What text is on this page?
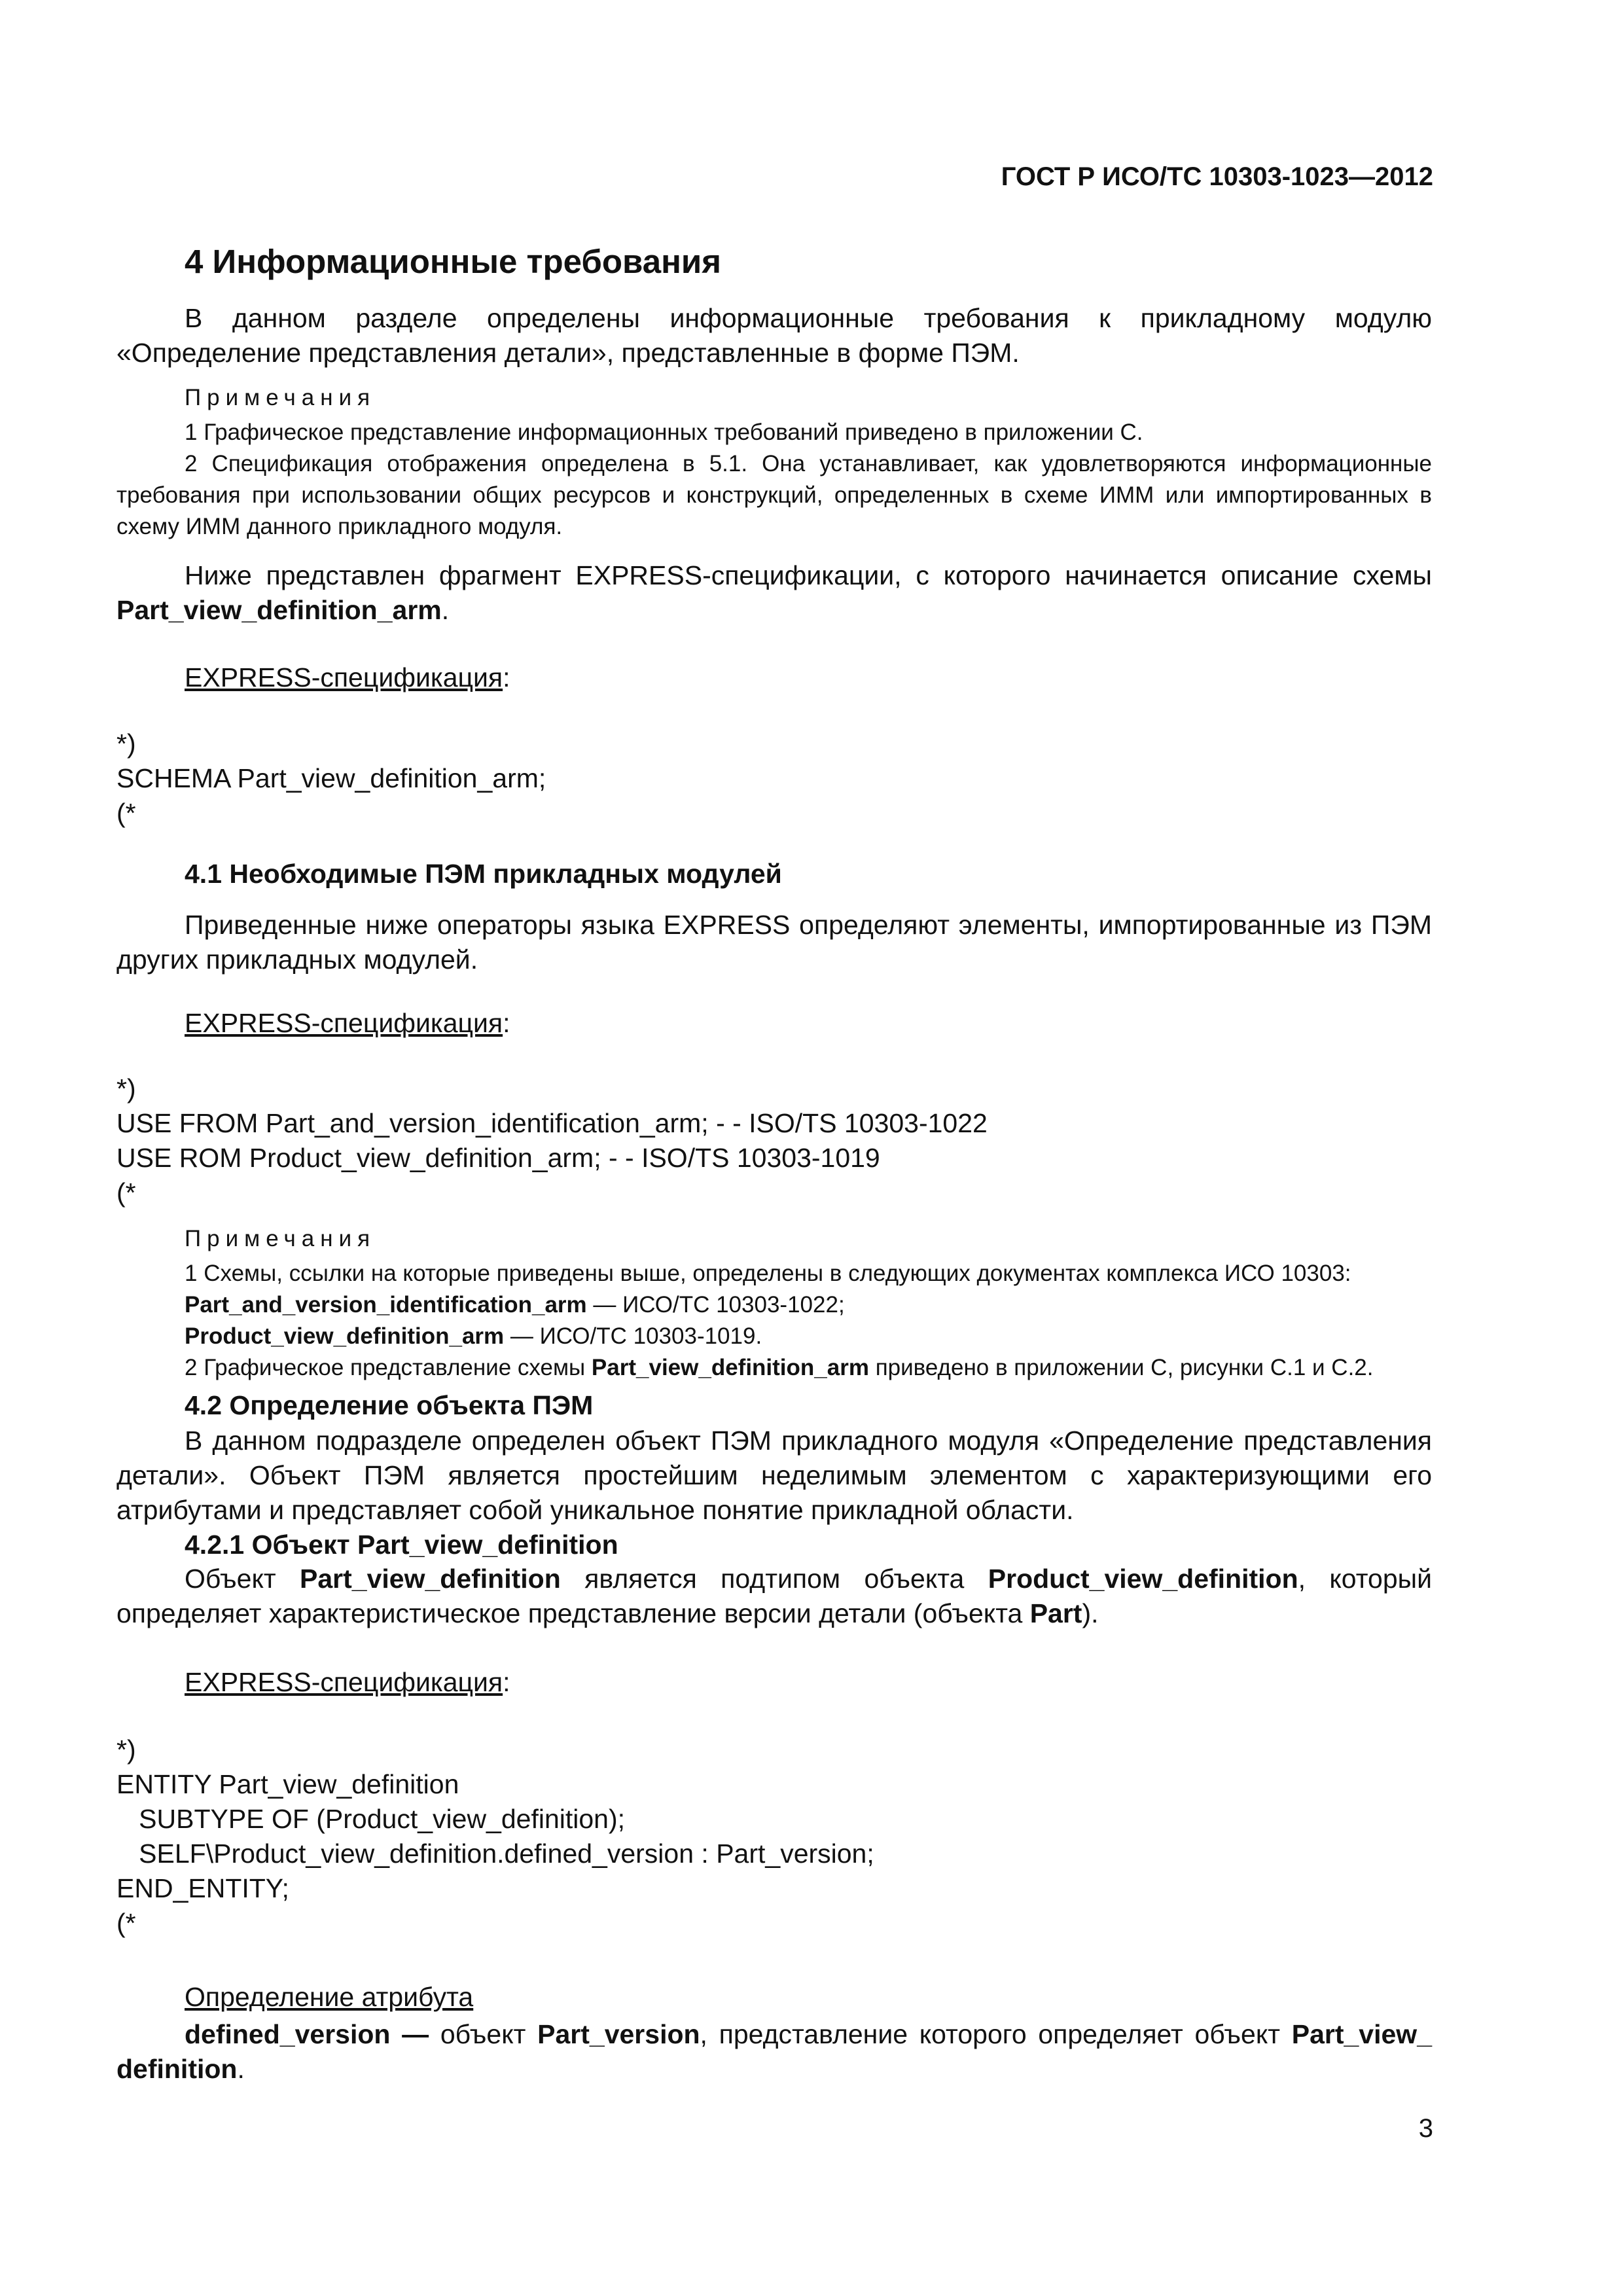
ГОСТ Р ИСО/ТС 10303-1023—2012
4 Информационные требования

В данном разделе определены информационные требования к прикладному модулю «Определение представления детали», представленные в форме ПЭМ.

Примечания

1 Графическое представление информационных требований приведено в приложении С.

2 Спецификация отображения определена в 5.1. Она устанавливает, как удовлетворяются информационные требования при использовании общих ресурсов и конструкций, определенных в схеме ИММ или импортированных в схему ИММ данного прикладного модуля.

Ниже представлен фрагмент EXPRESS-спецификации, с которого начинается описание схемы Part_view_definition_arm.

EXPRESS-спецификация:
*)
SCHEMA Part_view_definition_arm;
(*
4.1 Необходимые ПЭМ прикладных модулей

Приведенные ниже операторы языка EXPRESS определяют элементы, импортированные из ПЭМ других прикладных модулей.

EXPRESS-спецификация:
*)
USE FROM Part_and_version_identification_arm; - - ISO/TS 10303-1022
USE ROM Product_view_definition_arm; - - ISO/TS 10303-1019
(*
Примечания

1 Схемы, ссылки на которые приведены выше, определены в следующих документах комплекса ИСО 10303:

Part_and_version_identification_arm — ИСО/ТС 10303-1022;

Product_view_definition_arm — ИСО/ТС 10303-1019.

2 Графическое представление схемы Part_view_definition_arm приведено в приложении С, рисунки С.1 и С.2.

4.2 Определение объекта ПЭМ

В данном подразделе определен объект ПЭМ прикладного модуля «Определение представления детали». Объект ПЭМ является простейшим неделимым элементом с характеризующими его атрибутами и представляет собой уникальное понятие прикладной области.

4.2.1 Объект Part_view_definition

Объект Part_view_definition является подтипом объекта Product_view_definition, который определяет характеристическое представление версии детали (объекта Part).

EXPRESS-спецификация:
*)
ENTITY Part_view_definition
SUBTYPE OF (Product_view_definition);
SELF\Product_view_definition.defined_version : Part_version;
END_ENTITY;
(*
Определение атрибута

defined_version — объект Part_version, представление которого определяет объект Part_view_ definition.

3
